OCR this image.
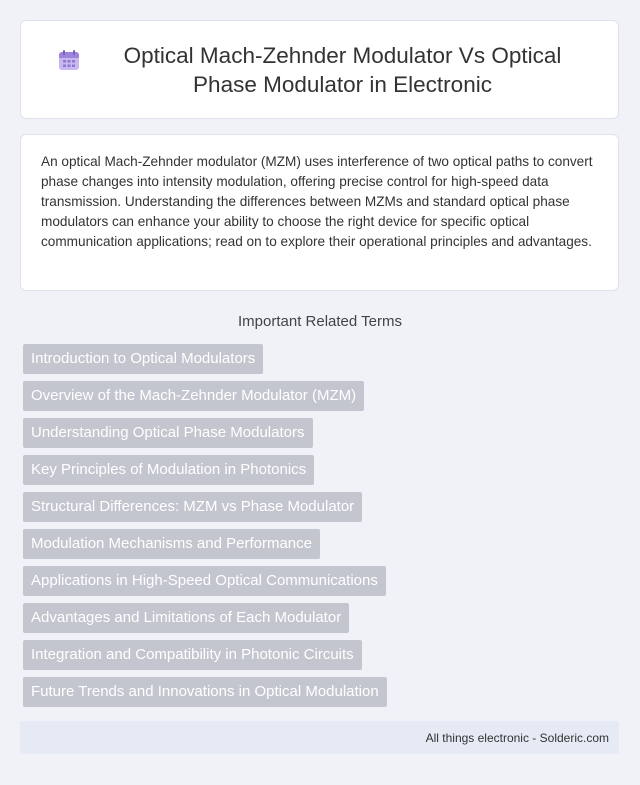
Optical Mach-Zehnder Modulator Vs Optical Phase Modulator in Electronic

An optical Mach-Zehnder modulator (MZM) uses interference of two optical paths to convert phase changes into intensity modulation, offering precise control for high-speed data transmission. Understanding the differences between MZMs and standard optical phase modulators can enhance your ability to choose the right device for specific optical communication applications; read on to explore their operational principles and advantages.

Important Related Terms
Introduction to Optical Modulators
Overview of the Mach-Zehnder Modulator (MZM)
Understanding Optical Phase Modulators
Key Principles of Modulation in Photonics
Structural Differences: MZM vs Phase Modulator
Modulation Mechanisms and Performance
Applications in High-Speed Optical Communications
Advantages and Limitations of Each Modulator
Integration and Compatibility in Photonic Circuits
Future Trends and Innovations in Optical Modulation
All things electronic - Solderic.com
